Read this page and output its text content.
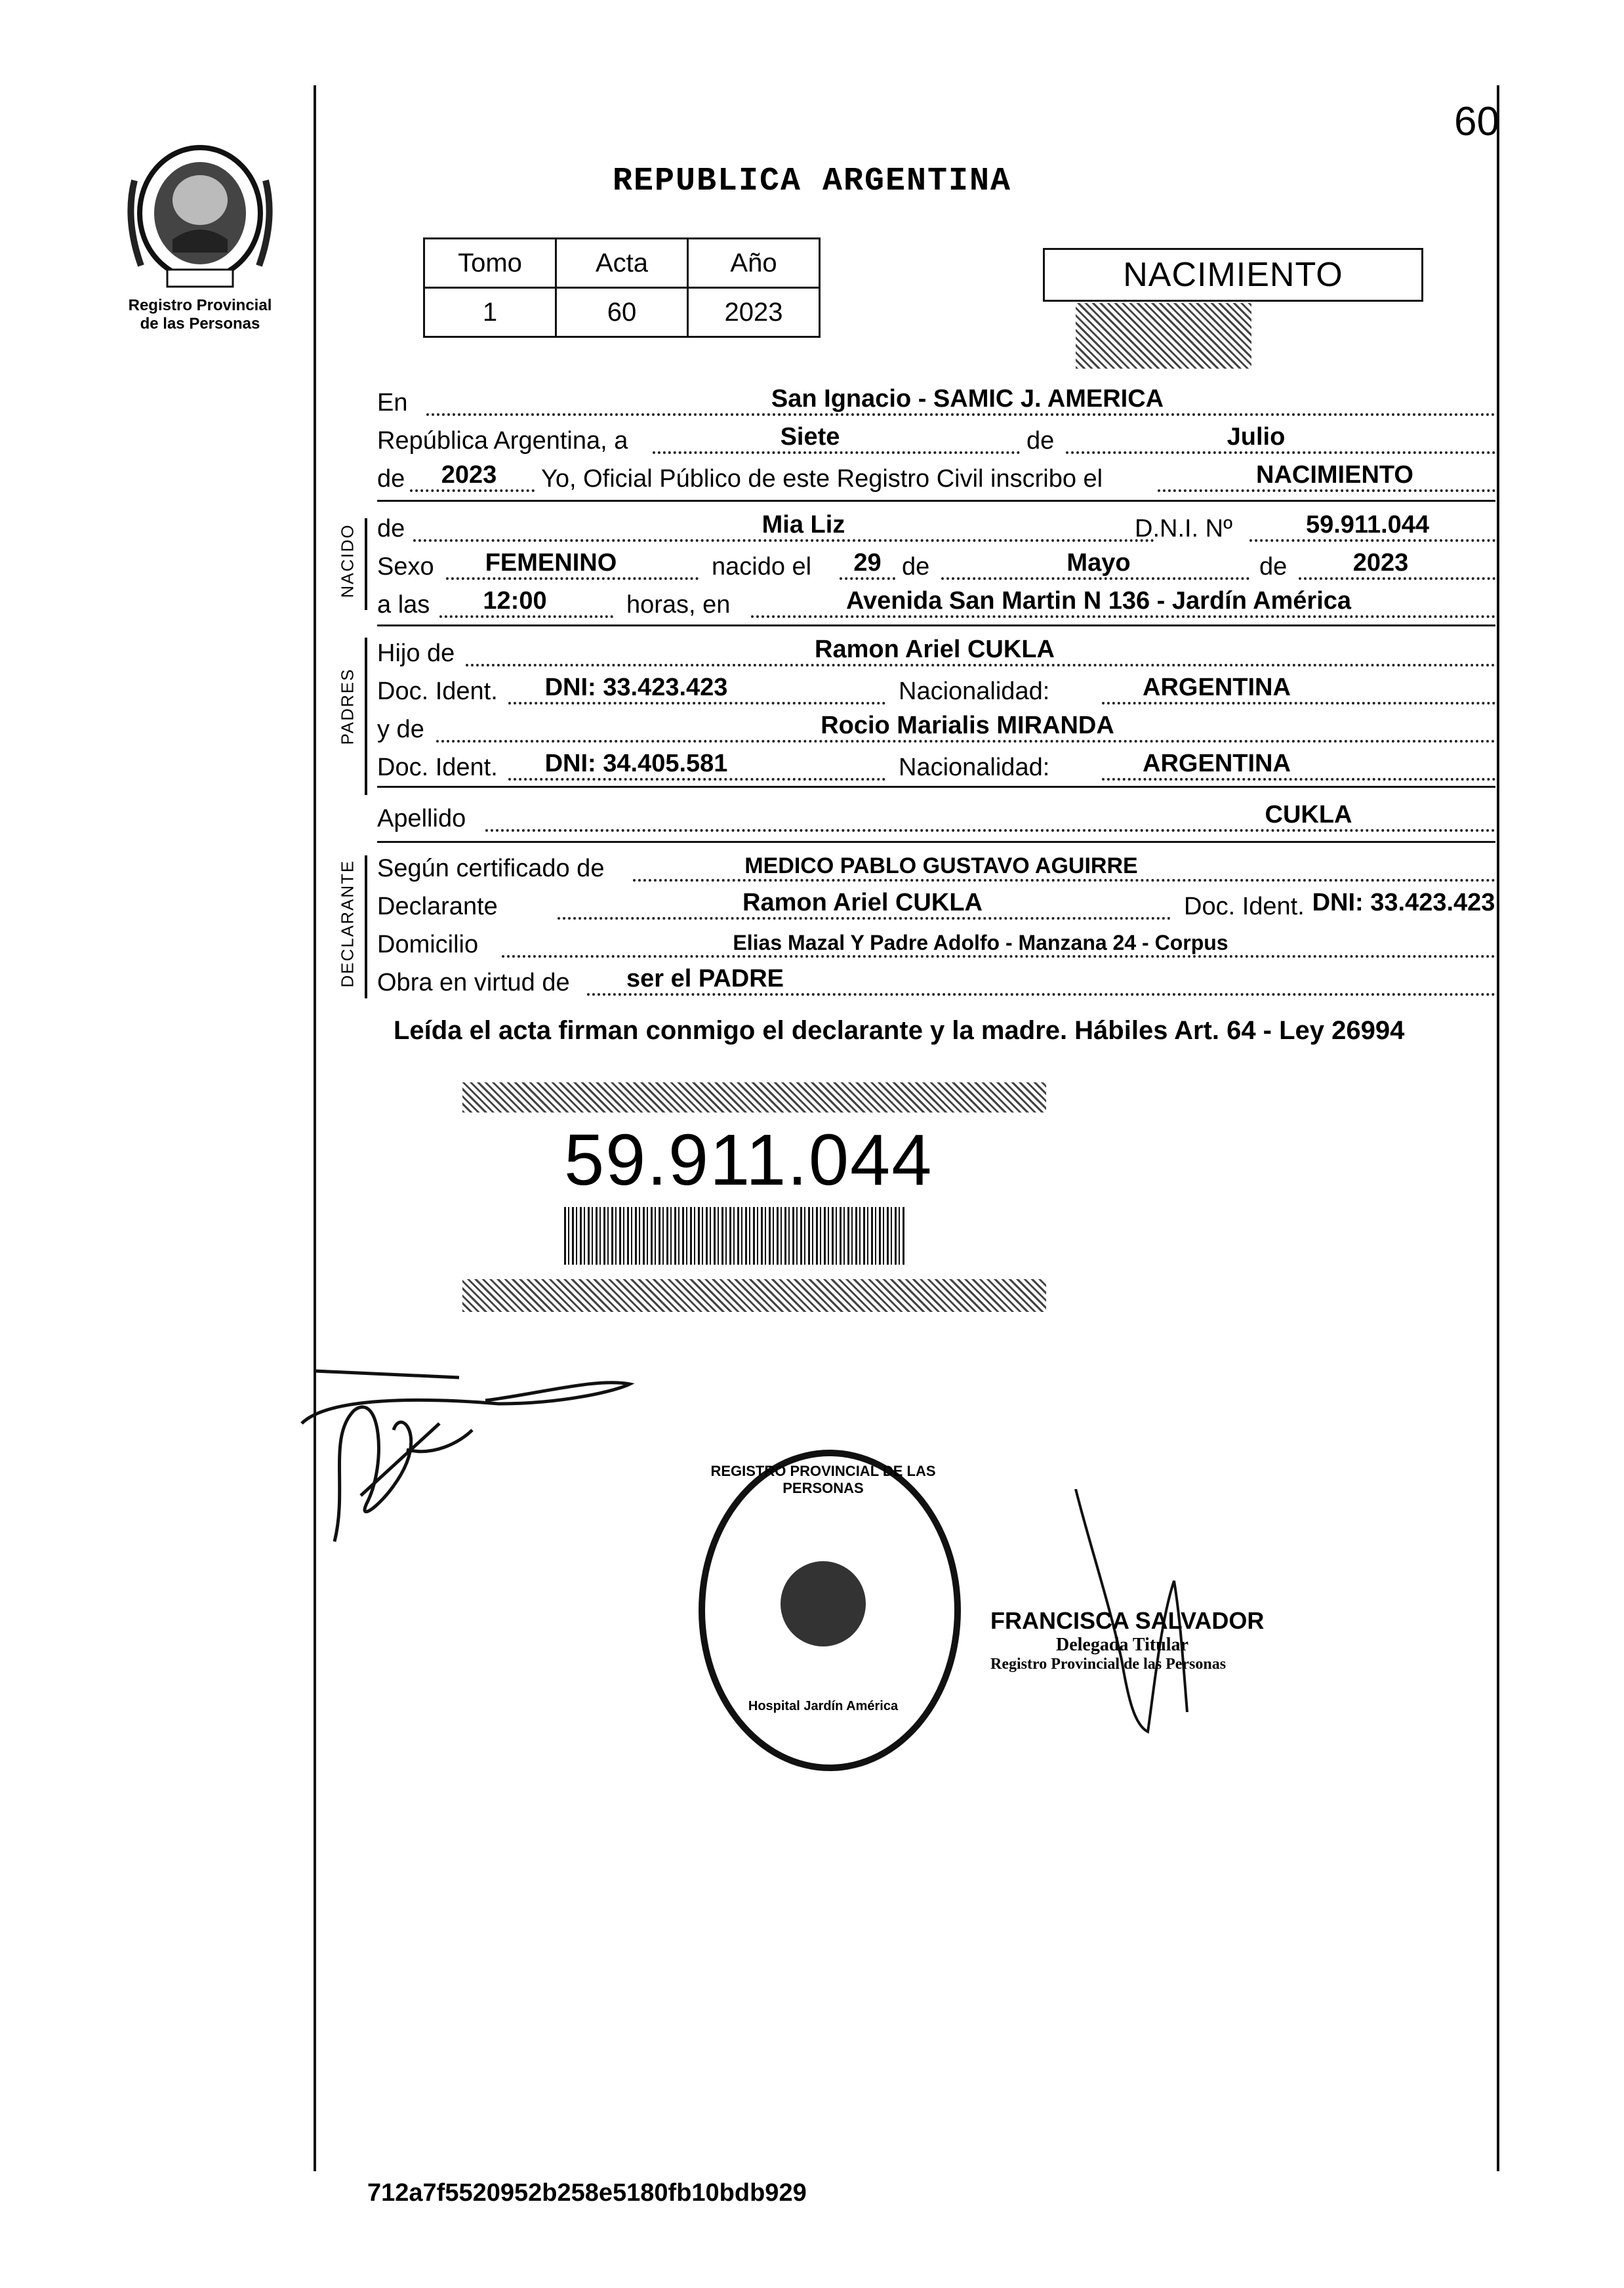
60
Registro Provincial
de las Personas
REPUBLICA ARGENTINA
Tomo	Acta	Año
1	60	2023
NACIMIENTO
En	San Ignacio - SAMIC J. AMERICA
República Argentina, a	Siete	de	Julio
de	2023	Yo, Oficial Público de este Registro Civil inscribo el	NACIMIENTO
NACIDO de	Mia Liz	D.N.I. Nº	59.911.044
Sexo	FEMENINO	nacido el	29 de	Mayo	de	2023
a las	12:00	horas, en	Avenida San Martin N 136 - Jardín América
PADRES
Hijo de	Ramon Ariel CUKLA
Doc. Ident.	DNI: 33.423.423	Nacionalidad:	ARGENTINA
y de	Rocio Marialis MIRANDA
Doc. Ident.	DNI: 34.405.581	Nacionalidad:	ARGENTINA
Apellido	CUKLA
DECLARANTE Según certificado de	MEDICO PABLO GUSTAVO AGUIRRE
Declarante	Ramon Ariel CUKLA	Doc. Ident. DNI: 33.423.423
Domicilio	Elias Mazal Y Padre Adolfo - Manzana 24 - Corpus
Obra en virtud de	ser el PADRE
Leída el acta firman conmigo el declarante y la madre. Hábiles Art. 64 - Ley 26994
59.911.044
REGISTRO PROVINCIAL DE LAS PERSONAS
Hospital Jardín América
FRANCISCA SALVADOR
Delegada Titular
Registro Provincial de las Personas
712a7f5520952b258e5180fb10bdb929
